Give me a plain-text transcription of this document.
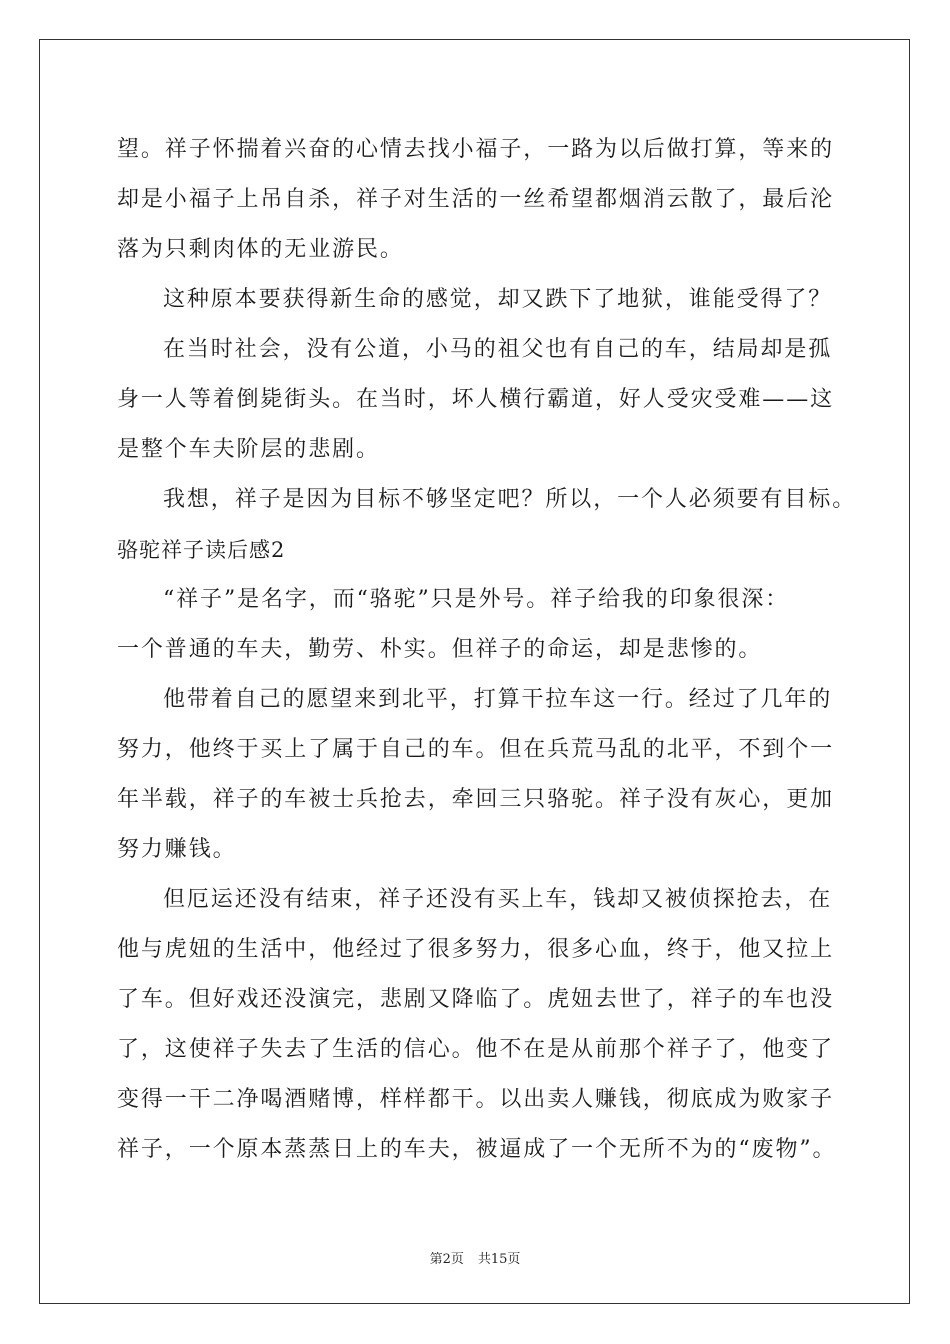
望。祥子怀揣着兴奋的心情去找小福子，一路为以后做打算，等来的
却是小福子上吊自杀，祥子对生活的一丝希望都烟消云散了，最后沦
落为只剩肉体的无业游民。
这种原本要获得新生命的感觉，却又跌下了地狱，谁能受得了？
在当时社会，没有公道，小马的祖父也有自己的车，结局却是孤
身一人等着倒毙街头。在当时，坏人横行霸道，好人受灾受难——这
是整个车夫阶层的悲剧。
我想，祥子是因为目标不够坚定吧？所以，一个人必须要有目标。
骆驼祥子读后感2
“祥子”是名字，而“骆驼”只是外号。祥子给我的印象很深：
一个普通的车夫，勤劳、朴实。但祥子的命运，却是悲惨的。
他带着自己的愿望来到北平，打算干拉车这一行。经过了几年的
努力，他终于买上了属于自己的车。但在兵荒马乱的北平，不到个一
年半载，祥子的车被士兵抢去，牵回三只骆驼。祥子没有灰心，更加
努力赚钱。
但厄运还没有结束，祥子还没有买上车，钱却又被侦探抢去，在
他与虎妞的生活中，他经过了很多努力，很多心血，终于，他又拉上
了车。但好戏还没演完，悲剧又降临了。虎妞去世了，祥子的车也没
了，这使祥子失去了生活的信心。他不在是从前那个祥子了，他变了
变得一干二净喝酒赌博，样样都干。以出卖人赚钱，彻底成为败家子
祥子，一个原本蒸蒸日上的车夫，被逼成了一个无所不为的“废物”。
第2页 共15页
